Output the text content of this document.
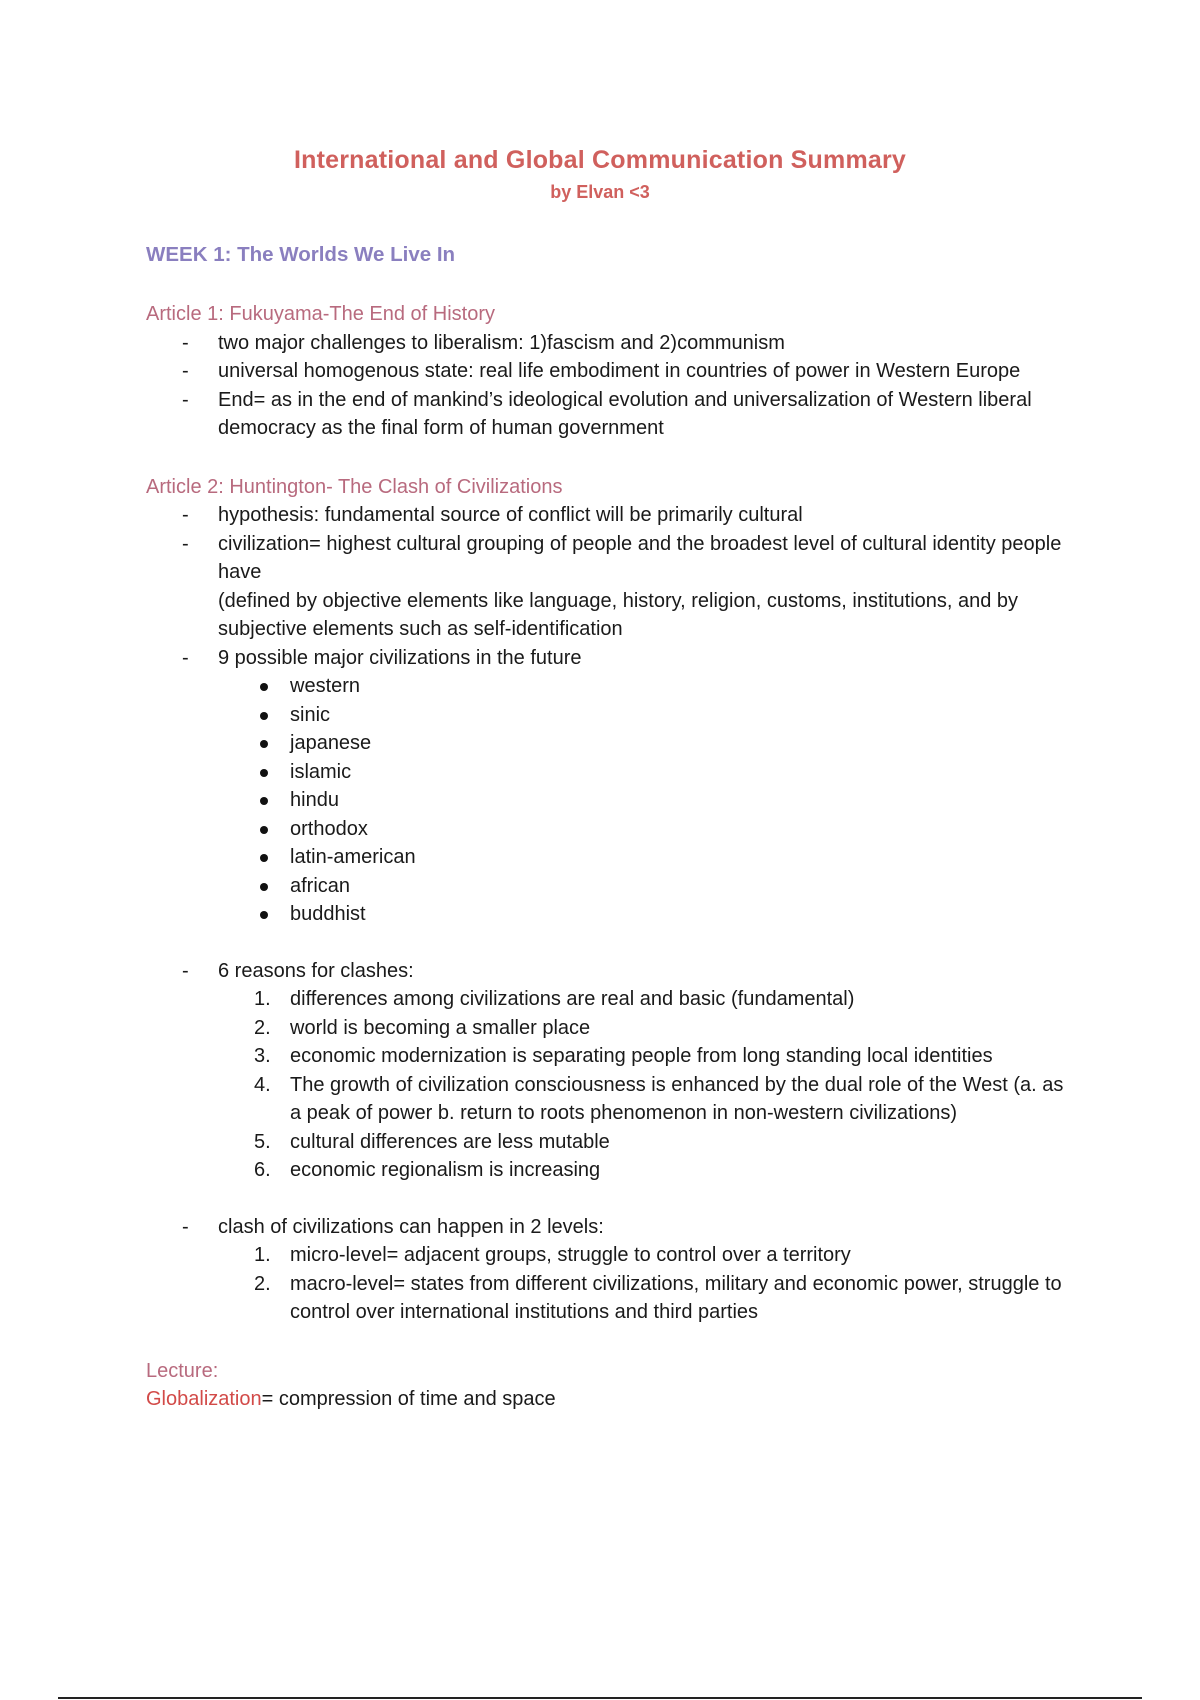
International and Global Communication Summary
by Elvan <3
WEEK 1: The Worlds We Live In
Article 1: Fukuyama-The End of History
- two major challenges to liberalism: 1)fascism and 2)communism
- universal homogenous state: real life embodiment in countries of power in Western Europe
- End= as in the end of mankind’s ideological evolution and universalization of Western liberal democracy as the final form of human government
Article 2: Huntington- The Clash of Civilizations
- hypothesis: fundamental source of conflict will be primarily cultural
- civilization= highest cultural grouping of people and the broadest level of cultural identity people have
(defined by objective elements like language, history, religion, customs, institutions, and by subjective elements such as self-identification
- 9 possible major civilizations in the future
western
sinic
japanese
islamic
hindu
orthodox
latin-american
african
buddhist
- 6 reasons for clashes:
1. differences among civilizations are real and basic (fundamental)
2. world is becoming a smaller place
3. economic modernization is separating people from long standing local identities
4. The growth of civilization consciousness is enhanced by the dual role of the West (a. as a peak of power b. return to roots phenomenon in non-western civilizations)
5. cultural differences are less mutable
6. economic regionalism is increasing
- clash of civilizations can happen in 2 levels:
1. micro-level= adjacent groups, struggle to control over a territory
2. macro-level= states from different civilizations, military and economic power, struggle to control over international institutions and third parties
Lecture:
Globalization= compression of time and space
